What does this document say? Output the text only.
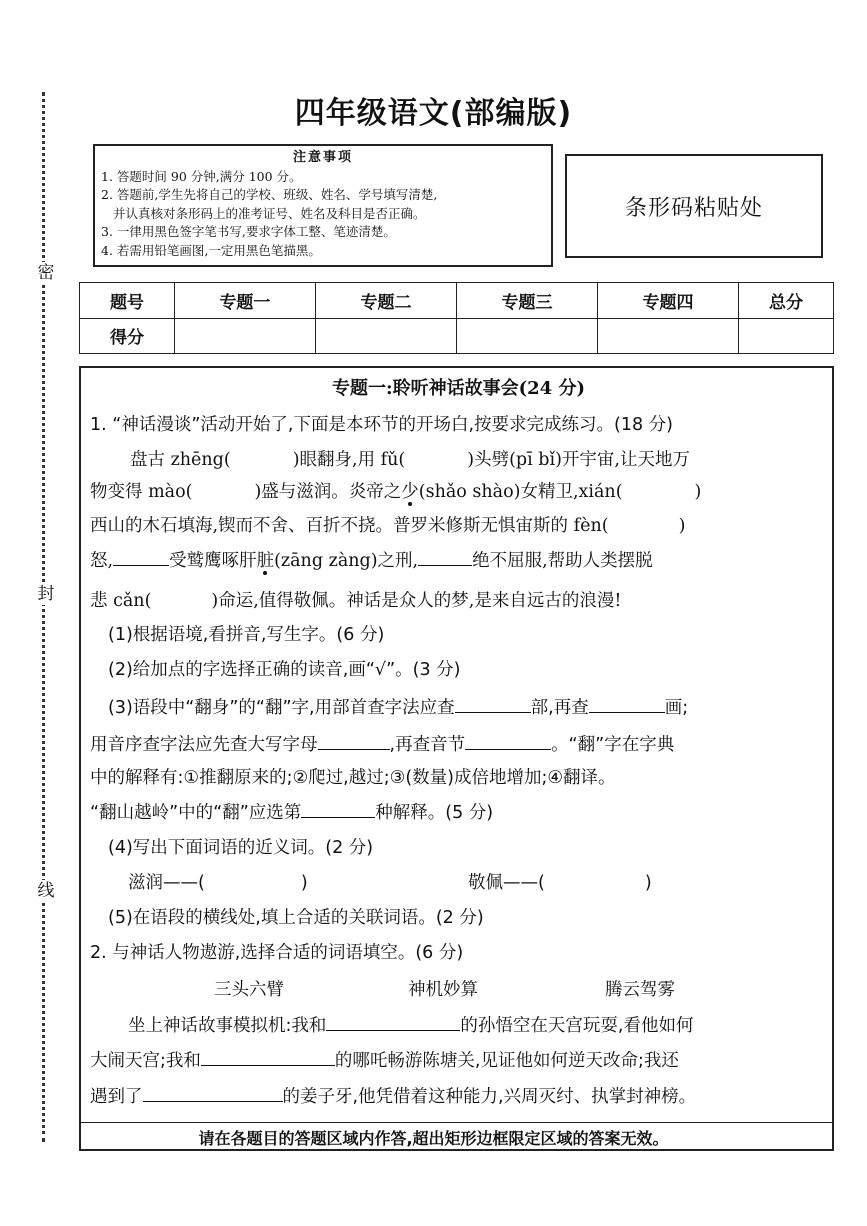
密
封
线
四年级语文(部编版)
注意事项
1. 答题时间 90 分钟,满分 100 分。
2. 答题前,学生先将自己的学校、班级、姓名、学号填写清楚,
并认真核对条形码上的准考证号、姓名及科目是否正确。
3. 一律用黑色签字笔书写,要求字体工整、笔迹清楚。
4. 若需用铅笔画图,一定用黑色笔描黑。
条形码粘贴处
题号	专题一	专题二	专题三	专题四	总分
得分					
专题一:聆听神话故事会(24 分)
1. “神话漫谈”活动开始了,下面是本环节的开场白,按要求完成练习。(18 分)
盘古 zhēng(	)眼翻身,用 fǔ(	)头劈(pī bǐ)开宇宙,让天地万
物变得 mào(	)盛与滋润。炎帝之少(shǎo shào)女精卫,xián(	)
西山的木石填海,锲而不舍、百折不挠。普罗米修斯无惧宙斯的 fèn(	)
怒,	受鹫鹰啄肝脏(zāng zàng)之刑,	绝不屈服,帮助人类摆脱
悲 cǎn(	)命运,值得敬佩。神话是众人的梦,是来自远古的浪漫!
(1)根据语境,看拼音,写生字。(6 分)
(2)给加点的字选择正确的读音,画“√”。(3 分)
(3)语段中“翻身”的“翻”字,用部首查字法应查	部,再查	画;
用音序查字法应先查大写字母	,再查音节	。“翻”字在字典
中的解释有:①推翻原来的;②爬过,越过;③(数量)成倍地增加;④翻译。
“翻山越岭”中的“翻”应选第	种解释。(5 分)
(4)写出下面词语的近义词。(2 分)
滋润——(	)	敬佩——(	)
(5)在语段的横线处,填上合适的关联词语。(2 分)
2. 与神话人物遨游,选择合适的词语填空。(6 分)
三头六臂	神机妙算	腾云驾雾
坐上神话故事模拟机:我和	的孙悟空在天宫玩耍,看他如何
大闹天宫;我和	的哪吒畅游陈塘关,见证他如何逆天改命;我还
遇到了	的姜子牙,他凭借着这种能力,兴周灭纣、执掌封神榜。
请在各题目的答题区域内作答,超出矩形边框限定区域的答案无效。
